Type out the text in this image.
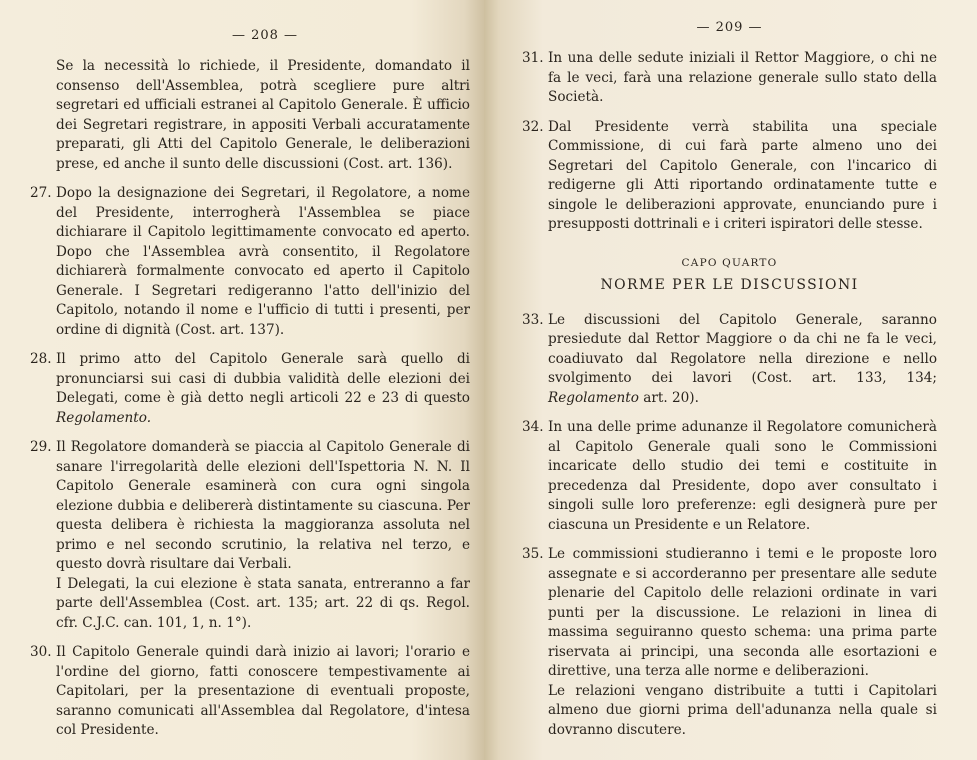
— 208 —
Se la necessità lo richiede, il Presidente, domandato il consenso dell'Assemblea, potrà scegliere pure altri segretari ed ufficiali estranei al Capitolo Generale. È ufficio dei Segretari registrare, in appositi Verbali accuratamente preparati, gli Atti del Capitolo Generale, le deliberazioni prese, ed anche il sunto delle discussioni (Cost. art. 136).
27. Dopo la designazione dei Segretari, il Regolatore, a nome del Presidente, interrogherà l'Assemblea se piace dichiarare il Capitolo legittimamente convocato ed aperto. Dopo che l'Assemblea avrà consentito, il Regolatore dichiarerà formalmente convocato ed aperto il Capitolo Generale. I Segretari redigeranno l'atto dell'inizio del Capitolo, notando il nome e l'ufficio di tutti i presenti, per ordine di dignità (Cost. art. 137).

28. Il primo atto del Capitolo Generale sarà quello di pronunciarsi sui casi di dubbia validità delle elezioni dei Delegati, come è già detto negli articoli 22 e 23 di questo Regolamento.

29. Il Regolatore domanderà se piaccia al Capitolo Generale di sanare l'irregolarità delle elezioni dell'Ispettoria N. N. Il Capitolo Generale esaminerà con cura ogni singola elezione dubbia e delibererà distintamente su ciascuna. Per questa delibera è richiesta la maggioranza assoluta nel primo e nel secondo scrutinio, la relativa nel terzo, e questo dovrà risultare dai Verbali.

I Delegati, la cui elezione è stata sanata, entreranno a far parte dell'Assemblea (Cost. art. 135; art. 22 di qs. Regol. cfr. C.J.C. can. 101, 1, n. 1°).

30. Il Capitolo Generale quindi darà inizio ai lavori; l'orario e l'ordine del giorno, fatti conoscere tempestivamente ai Capitolari, per la presentazione di eventuali proposte, saranno comunicati all'Assemblea dal Regolatore, d'intesa col Presidente.

— 209 —
31. In una delle sedute iniziali il Rettor Maggiore, o chi ne fa le veci, farà una relazione generale sullo stato della Società.

32. Dal Presidente verrà stabilita una speciale Commissione, di cui farà parte almeno uno dei Segretari del Capitolo Generale, con l'incarico di redigerne gli Atti riportando ordinatamente tutte e singole le deliberazioni approvate, enunciando pure i presupposti dottrinali e i criteri ispiratori delle stesse.

CAPO QUARTO
NORME PER LE DISCUSSIONI
33. Le discussioni del Capitolo Generale, saranno presiedute dal Rettor Maggiore o da chi ne fa le veci, coadiuvato dal Regolatore nella direzione e nello svolgimento dei lavori (Cost. art. 133, 134; Regolamento art. 20).

34. In una delle prime adunanze il Regolatore comunicherà al Capitolo Generale quali sono le Commissioni incaricate dello studio dei temi e costituite in precedenza dal Presidente, dopo aver consultato i singoli sulle loro preferenze: egli designerà pure per ciascuna un Presidente e un Relatore.

35. Le commissioni studieranno i temi e le proposte loro assegnate e si accorderanno per presentare alle sedute plenarie del Capitolo delle relazioni ordinate in vari punti per la discussione. Le relazioni in linea di massima seguiranno questo schema: una prima parte riservata ai principi, una seconda alle esortazioni e direttive, una terza alle norme e deliberazioni.

Le relazioni vengano distribuite a tutti i Capitolari almeno due giorni prima dell'adunanza nella quale si dovranno discutere.
